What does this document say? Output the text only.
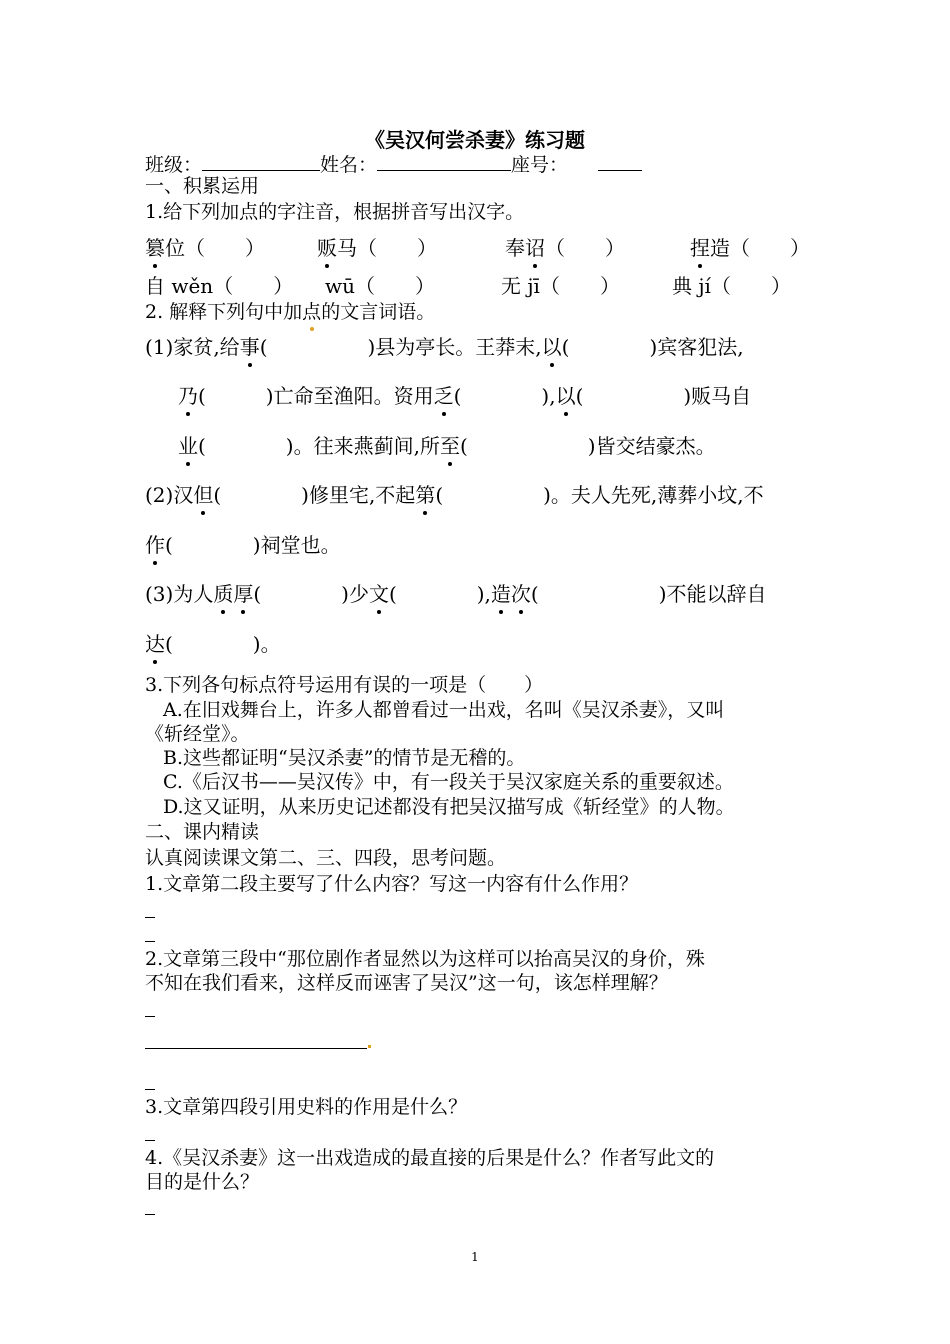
《吴汉何尝杀妻》练习题
班级：	姓名：	座号：
一、积累运用
1.给下列加点的字注音，根据拼音写出汉字。
篡位（　　）	贩马（　　）	奉诏（　　）	捏造（　　）
自 wěn（　　） wū（　　）	无 jī（　　）	典 jí（　　）
2. 解释下列句中加点的文言词语。
(1)家贫,给事(　　　　　)县为亭长。王莽末,以(　　　　)宾客犯法,
乃(　　　)亡命至渔阳。资用乏(　　　　),以(　　　　　)贩马自
业(　　　　)。往来燕蓟间,所至(　　　　　　)皆交结豪杰。
(2)汉但(　　　　)修里宅,不起第(　　　　　)。夫人先死,薄葬小坟,不
作(　　　　)祠堂也。
(3)为人质厚(　　　　)少文(　　　　),造次(　　　　　　)不能以辞自
达(　　　　)。
3.下列各句标点符号运用有误的一项是（　　）
A.在旧戏舞台上，许多人都曾看过一出戏，名叫《吴汉杀妻》，又叫
《斩经堂》。
B.这些都证明“吴汉杀妻”的情节是无稽的。
C.《后汉书——吴汉传》中，有一段关于吴汉家庭关系的重要叙述。
D.这又证明，从来历史记述都没有把吴汉描写成《斩经堂》的人物。
二、课内精读
认真阅读课文第二、三、四段，思考问题。
1.文章第二段主要写了什么内容？写这一内容有什么作用？
2.文章第三段中“那位剧作者显然以为这样可以抬高吴汉的身价，殊
不知在我们看来，这样反而诬害了吴汉”这一句，该怎样理解？
3.文章第四段引用史料的作用是什么？
4.《吴汉杀妻》这一出戏造成的最直接的后果是什么？作者写此文的
目的是什么？
1
